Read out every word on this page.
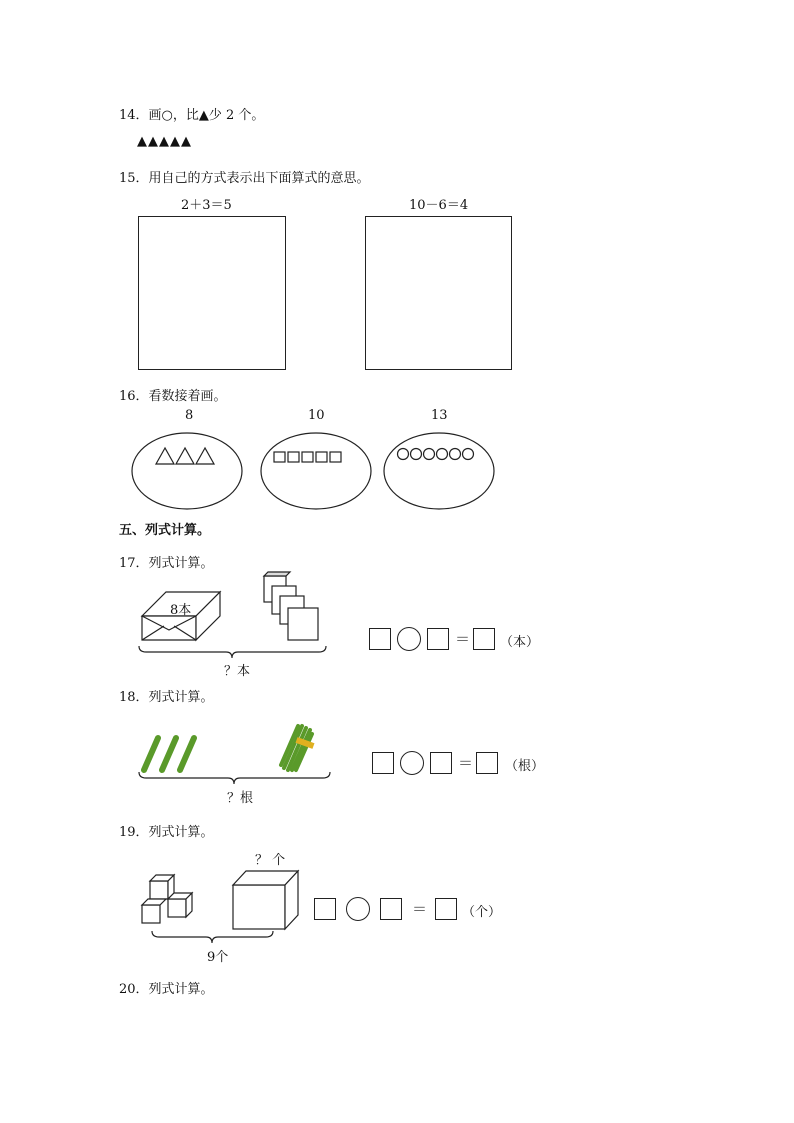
14．画○，比▲少 2 个。
▲▲▲▲▲
15．用自己的方式表示出下面算式的意思。
2＋3＝5	10－6＝4
16．看数接着画。
8	10	13
五、列式计算。
17．列式计算。
8本
？本
＝ （本）
18．列式计算。
？根
＝ （根）
19．列式计算。
？ 个
9个
＝	（个）
20．列式计算。
